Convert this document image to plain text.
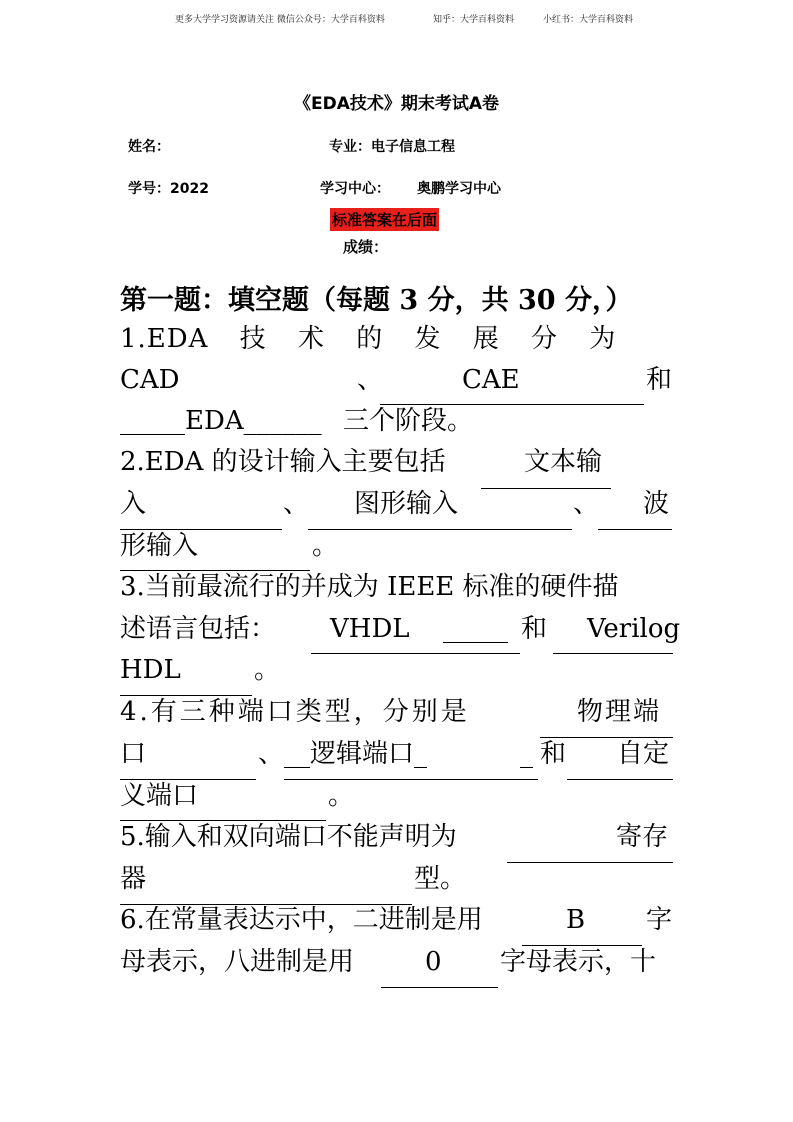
更多大学学习资源请关注 微信公众号：大学百科资料	知乎：大学百科资料	小红书：大学百科资料
《EDA技术》期末考试A卷
姓名：	专业：电子信息工程
学号：2022	学习中心： 奥鹏学习中心
标准答案在后面
成绩：
第一题：填空题（每题 3 分，共 30 分，）
1.EDA 技 术 的 发 展 分 为
CAD	、	CAE	和
_____EDA______ 三个阶段。
2.EDA 的设计输入主要包括	文本输
入	、 图形输入	、 波
形输入	。
3.当前最流行的并成为 IEEE 标准的硬件描
述语言包括： VHDL _____ 和 Verilog
HDL	。
4.有三种端口类型，分别是	物理端
口	、 __逻辑端口_	_ 和 自定
义端口	。
5.输入和双向端口不能声明为	寄存
器	型。
6.在常量表达示中，二进制是用	B 字
母表示，八进制是用	0 字母表示，十
